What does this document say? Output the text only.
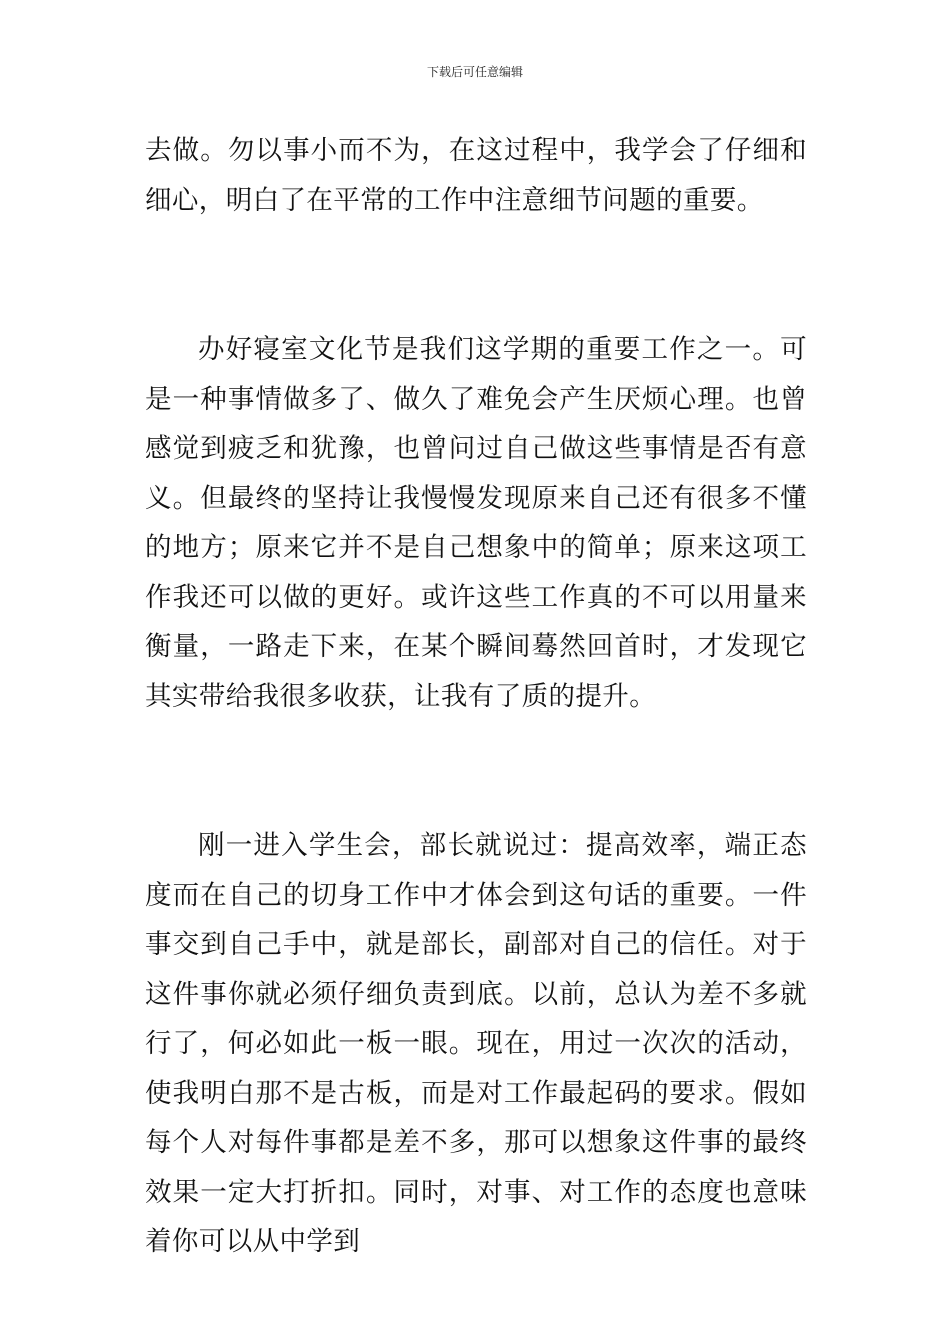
下载后可任意编辑

去做。勿以事小而不为，在这过程中，我学会了仔细和细心，明白了在平常的工作中注意细节问题的重要。

办好寝室文化节是我们这学期的重要工作之一。可是一种事情做多了、做久了难免会产生厌烦心理。也曾感觉到疲乏和犹豫，也曾问过自己做这些事情是否有意义。但最终的坚持让我慢慢发现原来自己还有很多不懂的地方；原来它并不是自己想象中的简单；原来这项工作我还可以做的更好。或许这些工作真的不可以用量来衡量，一路走下来，在某个瞬间蓦然回首时，才发现它其实带给我很多收获，让我有了质的提升。

刚一进入学生会，部长就说过：提高效率，端正态度而在自己的切身工作中才体会到这句话的重要。一件事交到自己手中，就是部长，副部对自己的信任。对于这件事你就必须仔细负责到底。以前，总认为差不多就行了，何必如此一板一眼。现在，用过一次次的活动，使我明白那不是古板，而是对工作最起码的要求。假如每个人对每件事都是差不多，那可以想象这件事的最终效果一定大打折扣。同时，对事、对工作的态度也意味着你可以从中学到
